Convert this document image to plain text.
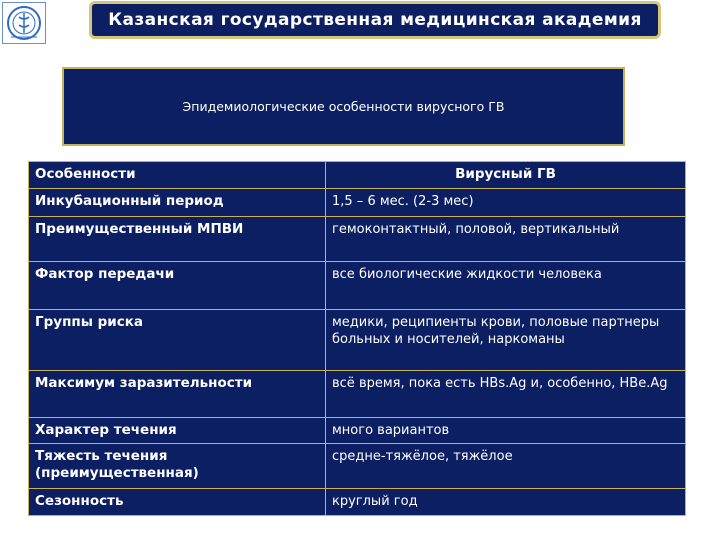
Казанская государственная медицинская академия
Эпидемиологические особенности вирусного ГВ
Особенности	Вирусный ГВ
Инкубационный период	1,5 – 6 мес. (2-3 мес)
Преимущественный МПВИ	гемоконтактный, половой, вертикальный
Фактор передачи	все биологические жидкости человека
Группы риска	медики, реципиенты крови, половые партнеры больных и носителей, наркоманы
Максимум заразительности	всё время, пока есть HBs.Ag и, особенно, HBe.Ag
Характер течения	много вариантов
Тяжесть течения (преимущественная)	средне-тяжёлое, тяжёлое
Сезонность	круглый год
